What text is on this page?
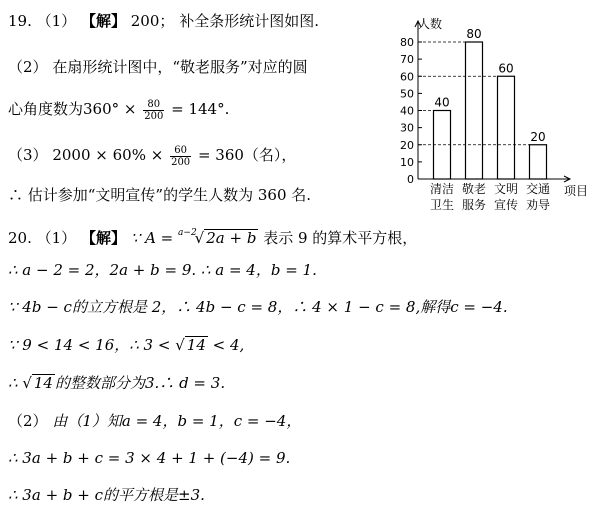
19. （1） 【解】 200； 补全条形统计图如图.
（2） 在扇形统计图中，“敬老服务”对应的圆
心角度数为$360^\circ \times \frac{80}{200} = 144^\circ$.
（3） $2000 \times 60\% \times \frac{60}{200} = 360$（名），
∴ 估计参加“文明宣传”的学生人数为 360 名.
20. （1） 【解】 ∵ A = $^{a-2}$√ 2a + b 表示 9 的算术平方根，
∴ a − 2 = 2，2a + b = 9. ∴ a = 4，b = 1.
∵ 4b − c的立方根是 2，∴ 4b − c = 8，∴ 4 × 1 − c = 8,解得c = −4.
∵ 9 < 14 < 16，∴ 3 < √ 14 < 4,
∴ √ 14 的整数部分为3.∴ d = 3.
（2） 由（1）知a = 4，b = 1，c = −4，
∴ 3a + b + c = 3 × 4 + 1 + (−4) = 9.
∴ 3a + b + c的平方根是±3.
0
10
20
30
40
50
60
70
80
40
清洁
卫生
80
敬老
服务
60
文明
宣传
20
交通
劝导
人数
项目
